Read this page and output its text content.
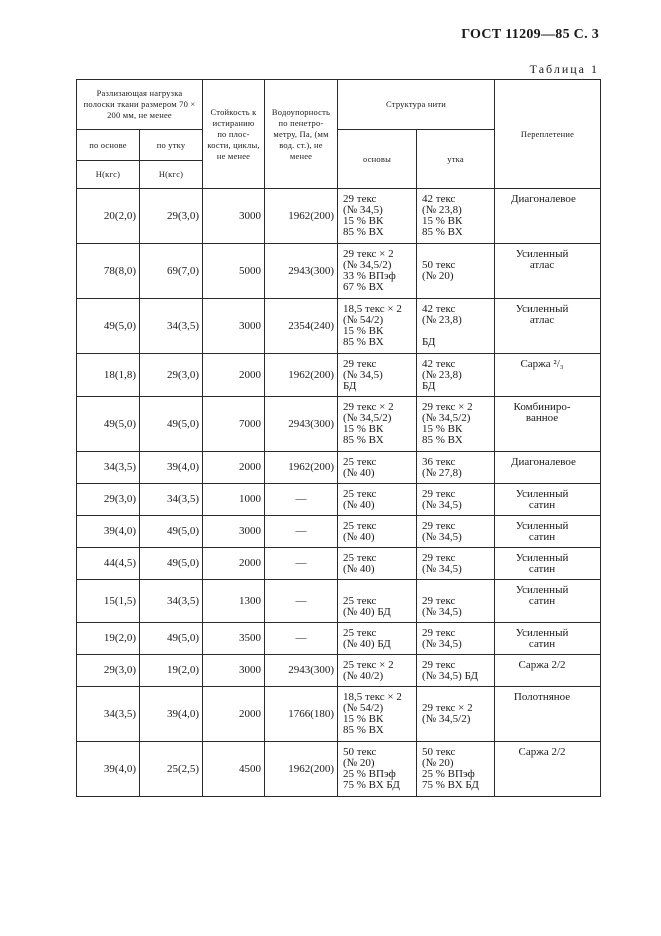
ГОСТ 11209—85 С. 3
Таблица 1
Разлизающая нагрузка полоски ткани размером 70 × 200 мм, не менее		Стойкость к истиранию по плос-кости, циклы, не менее	Водоупорность по пенетро-метру, Па, (мм вод. ст.), не менее	Структура нити		Переплетение
по основе	по утку			основы	утка	
Н(кгс)	Н(кгс)					
20(2,0)	29(3,0)	3000	1962(200)	29 текс
(№ 34,5)
15 % ВК
85 % ВХ	42 текс
(№ 23,8)
15 % ВК
85 % ВХ	Диагоналевое
78(8,0)	69(7,0)	5000	2943(300)	29 текс × 2
(№ 34,5/2)
33 % ВПэф
67 % ВХ	50 текс
(№ 20)	Усиленный атлас
49(5,0)	34(3,5)	3000	2354(240)	18,5 текс × 2
(№ 54/2)
15 % ВК
85 % ВХ	42 текс
(№ 23,8)

БД	Усиленный атлас
18(1,8)	29(3,0)	2000	1962(200)	29 текс
(№ 34,5)
БД	42 текс
(№ 23,8)
БД	Саржа ²/₃
49(5,0)	49(5,0)	7000	2943(300)	29 текс × 2
(№ 34,5/2)
15 % ВК
85 % ВХ	29 текс × 2
(№ 34,5/2)
15 % ВК
85 % ВХ	Комбиниро-ванное
34(3,5)	39(4,0)	2000	1962(200)	25 текс
(№ 40)	36 текс
(№ 27,8)	Диагоналевое
29(3,0)	34(3,5)	1000	—	25 текс
(№ 40)	29 текс
(№ 34,5)	Усиленный сатин
39(4,0)	49(5,0)	3000	—	25 текс
(№ 40)	29 текс
(№ 34,5)	Усиленный сатин
44(4,5)	49(5,0)	2000	—	25 текс
(№ 40)	29 текс
(№ 34,5)	Усиленный сатин
15(1,5)	34(3,5)	1300	—	25 текс
(№ 40) БД	29 текс
(№ 34,5)	Усиленный сатин
19(2,0)	49(5,0)	3500	—	25 текс
(№ 40) БД	29 текс
(№ 34,5)	Усиленный сатин
29(3,0)	19(2,0)	3000	2943(300)	25 текс × 2
(№ 40/2)	29 текс
(№ 34,5) БД	Саржа 2/2
34(3,5)	39(4,0)	2000	1766(180)	18,5 текс × 2
(№ 54/2)
15 % ВК
85 % ВХ	29 текс × 2
(№ 34,5/2)	Полотняное
39(4,0)	25(2,5)	4500	1962(200)	50 текс
(№ 20)
25 % ВПэф
75 % ВХ БД	50 текс
(№ 20)
25 % ВПэф
75 % ВХ БД	Саржа 2/2
